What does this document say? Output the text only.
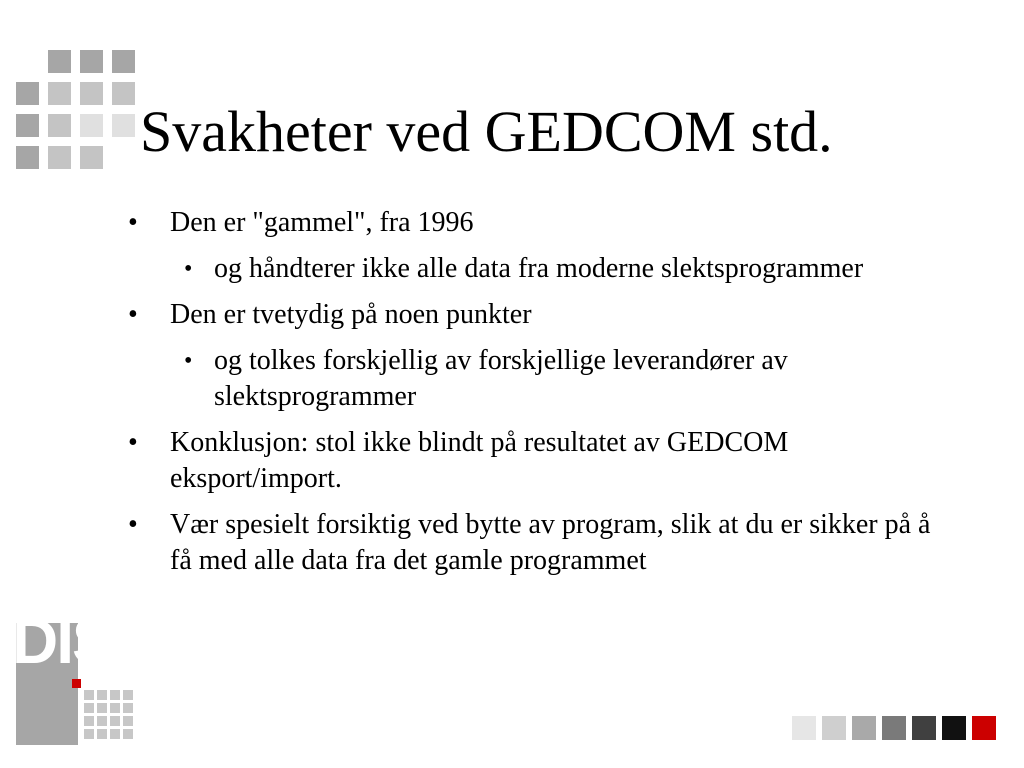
Svakheter ved GEDCOM std.
• Den er "gammel", fra 1996
• og håndterer ikke alle data fra moderne slektsprogrammer
• Den er tvetydig på noen punkter
• og tolkes forskjellig av forskjellige leverandører av slektsprogrammer
• Konklusjon: stol ikke blindt på resultatet av GEDCOM eksport/import.
• Vær spesielt forsiktig ved bytte av program, slik at du er sikker på å få med alle data fra det gamle programmet
DIS
